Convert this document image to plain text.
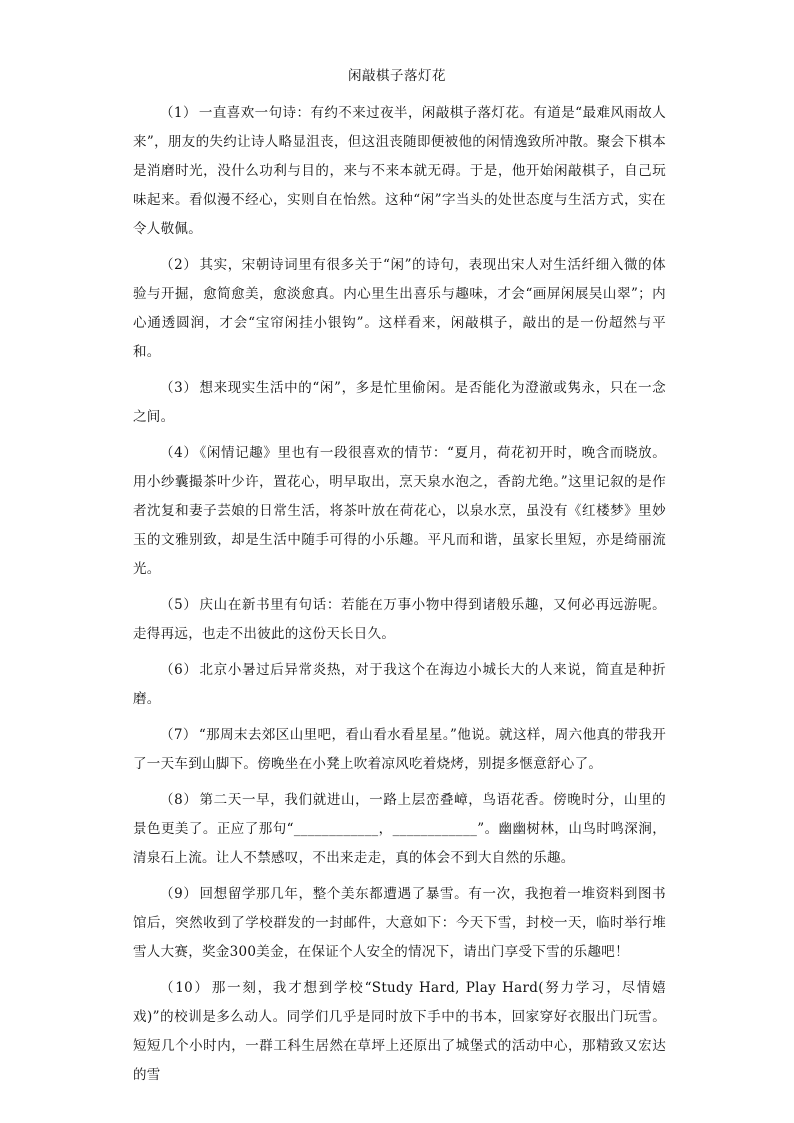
闲敲棋子落灯花

（1） 一直喜欢一句诗：有约不来过夜半，闲敲棋子落灯花。有道是“最难风雨故人来”，朋友的失约让诗人略显沮丧，但这沮丧随即便被他的闲情逸致所冲散。聚会下棋本是消磨时光，没什么功利与目的，来与不来本就无碍。于是，他开始闲敲棋子，自己玩味起来。看似漫不经心，实则自在怡然。这种“闲”字当头的处世态度与生活方式，实在令人敬佩。

（2） 其实，宋朝诗词里有很多关于“闲”的诗句，表现出宋人对生活纤细入微的体验与开掘，愈简愈美，愈淡愈真。内心里生出喜乐与趣味，才会“画屏闲展吴山翠”；内心通透圆润，才会“宝帘闲挂小银钩”。这样看来，闲敲棋子，敲出的是一份超然与平和。

（3） 想来现实生活中的“闲”，多是忙里偷闲。是否能化为澄澈或隽永，只在一念之间。

（4） 《闲情记趣》里也有一段很喜欢的情节：“夏月，荷花初开时，晚含而晓放。用小纱囊撮茶叶少许，置花心，明早取出，烹天泉水泡之，香韵尤绝。”这里记叙的是作者沈复和妻子芸娘的日常生活，将茶叶放在荷花心，以泉水烹，虽没有《红楼梦》里妙玉的文雅别致，却是生活中随手可得的小乐趣。平凡而和谐，虽家长里短，亦是绮丽流光。

（5） 庆山在新书里有句话：若能在万事小物中得到诸般乐趣，又何必再远游呢。走得再远，也走不出彼此的这份天长日久。

（6） 北京小暑过后异常炎热，对于我这个在海边小城长大的人来说，简直是种折磨。

（7） “那周末去郊区山里吧，看山看水看星星。”他说。就这样，周六他真的带我开了一天车到山脚下。傍晚坐在小凳上吹着凉风吃着烧烤，别提多惬意舒心了。

（8） 第二天一早，我们就进山，一路上层峦叠嶂，鸟语花香。傍晚时分，山里的景色更美了。正应了那句“____________，____________”。幽幽树林，山鸟时鸣深涧，清泉石上流。让人不禁感叹，不出来走走，真的体会不到大自然的乐趣。

（9） 回想留学那几年，整个美东都遭遇了暴雪。有一次，我抱着一堆资料到图书馆后，突然收到了学校群发的一封邮件，大意如下：今天下雪，封校一天，临时举行堆雪人大赛，奖金300美金，在保证个人安全的情况下，请出门享受下雪的乐趣吧！

（10） 那一刻，我才想到学校“Study Hard, Play Hard(努力学习，尽情嬉戏)”的校训是多么动人。同学们几乎是同时放下手中的书本，回家穿好衣服出门玩雪。短短几个小时内，一群工科生居然在草坪上还原出了城堡式的活动中心，那精致又宏达的雪
